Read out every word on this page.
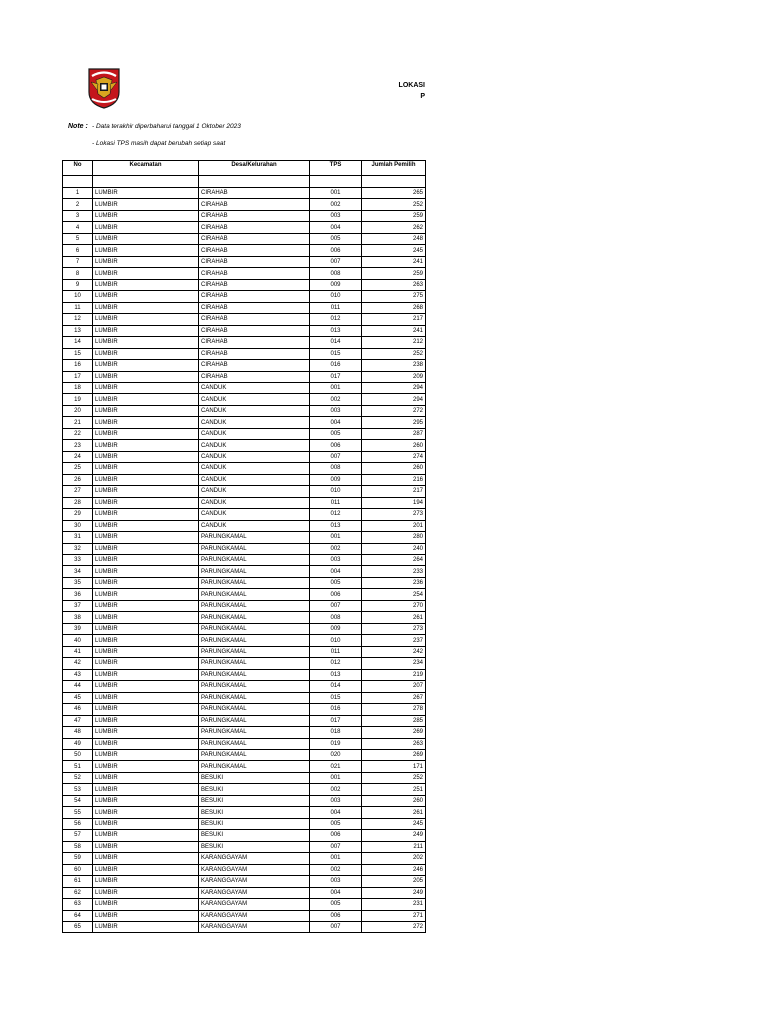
LOKASI
P
Note : - Data terakhir diperbaharui tanggal 1 Oktober 2023
- Lokasi TPS masih dapat berubah setiap saat
No	Kecamatan	Desa/Kelurahan	TPS	Jumlah Pemilih

1	LUMBIR	CIRAHAB	001	265
2	LUMBIR	CIRAHAB	002	252
3	LUMBIR	CIRAHAB	003	259
4	LUMBIR	CIRAHAB	004	262
5	LUMBIR	CIRAHAB	005	248
6	LUMBIR	CIRAHAB	006	245
7	LUMBIR	CIRAHAB	007	241
8	LUMBIR	CIRAHAB	008	259
9	LUMBIR	CIRAHAB	009	263
10	LUMBIR	CIRAHAB	010	275
11	LUMBIR	CIRAHAB	011	268
12	LUMBIR	CIRAHAB	012	217
13	LUMBIR	CIRAHAB	013	241
14	LUMBIR	CIRAHAB	014	212
15	LUMBIR	CIRAHAB	015	252
16	LUMBIR	CIRAHAB	016	238
17	LUMBIR	CIRAHAB	017	209
18	LUMBIR	CANDUK	001	294
19	LUMBIR	CANDUK	002	294
20	LUMBIR	CANDUK	003	272
21	LUMBIR	CANDUK	004	295
22	LUMBIR	CANDUK	005	287
23	LUMBIR	CANDUK	006	260
24	LUMBIR	CANDUK	007	274
25	LUMBIR	CANDUK	008	260
26	LUMBIR	CANDUK	009	216
27	LUMBIR	CANDUK	010	217
28	LUMBIR	CANDUK	011	194
29	LUMBIR	CANDUK	012	273
30	LUMBIR	CANDUK	013	201
31	LUMBIR	PARUNGKAMAL	001	280
32	LUMBIR	PARUNGKAMAL	002	240
33	LUMBIR	PARUNGKAMAL	003	264
34	LUMBIR	PARUNGKAMAL	004	233
35	LUMBIR	PARUNGKAMAL	005	236
36	LUMBIR	PARUNGKAMAL	006	254
37	LUMBIR	PARUNGKAMAL	007	270
38	LUMBIR	PARUNGKAMAL	008	261
39	LUMBIR	PARUNGKAMAL	009	273
40	LUMBIR	PARUNGKAMAL	010	237
41	LUMBIR	PARUNGKAMAL	011	242
42	LUMBIR	PARUNGKAMAL	012	234
43	LUMBIR	PARUNGKAMAL	013	219
44	LUMBIR	PARUNGKAMAL	014	207
45	LUMBIR	PARUNGKAMAL	015	267
46	LUMBIR	PARUNGKAMAL	016	278
47	LUMBIR	PARUNGKAMAL	017	285
48	LUMBIR	PARUNGKAMAL	018	269
49	LUMBIR	PARUNGKAMAL	019	263
50	LUMBIR	PARUNGKAMAL	020	269
51	LUMBIR	PARUNGKAMAL	021	171
52	LUMBIR	BESUKI	001	252
53	LUMBIR	BESUKI	002	251
54	LUMBIR	BESUKI	003	260
55	LUMBIR	BESUKI	004	261
56	LUMBIR	BESUKI	005	245
57	LUMBIR	BESUKI	006	249
58	LUMBIR	BESUKI	007	211
59	LUMBIR	KARANGGAYAM	001	202
60	LUMBIR	KARANGGAYAM	002	246
61	LUMBIR	KARANGGAYAM	003	205
62	LUMBIR	KARANGGAYAM	004	249
63	LUMBIR	KARANGGAYAM	005	231
64	LUMBIR	KARANGGAYAM	006	271
65	LUMBIR	KARANGGAYAM	007	272
